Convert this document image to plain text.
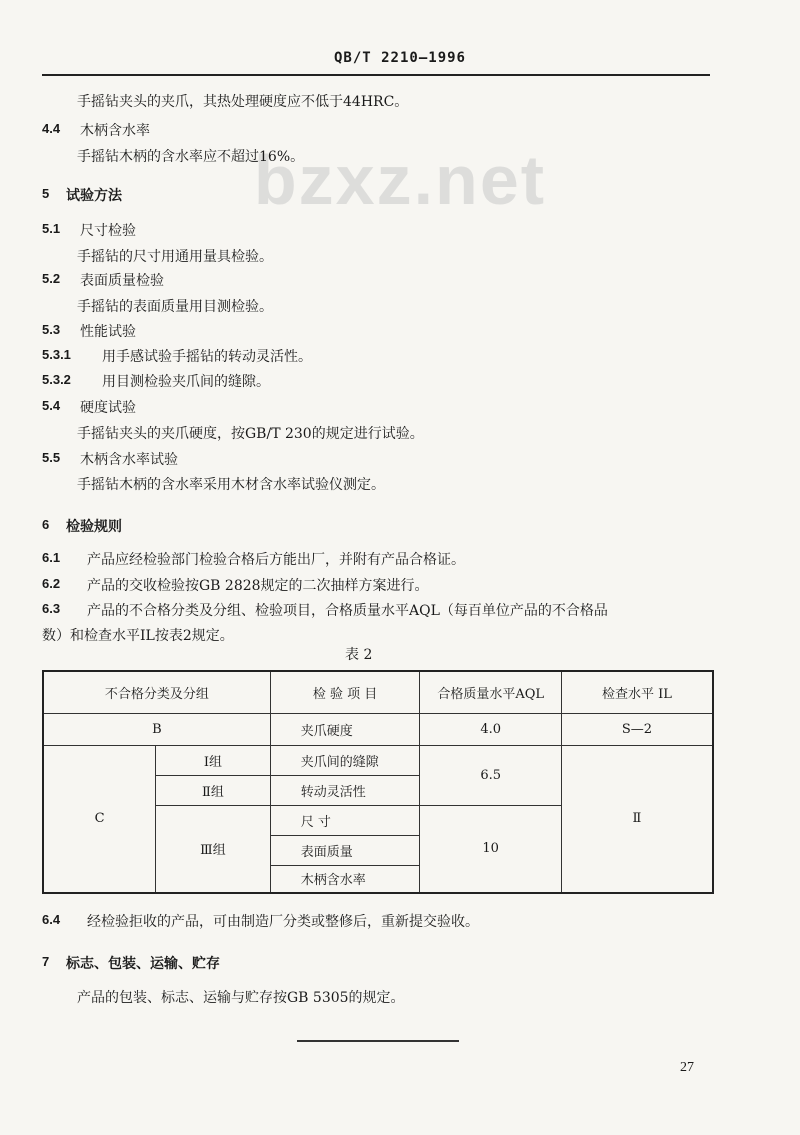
QB/T 2210—1996
bzxz.net
手摇钻夹头的夹爪，其热处理硬度应不低于44HRC。
4.4 木柄含水率
手摇钻木柄的含水率应不超过16%。
5 试验方法
5.1 尺寸检验
手摇钻的尺寸用通用量具检验。
5.2 表面质量检验
手摇钻的表面质量用目测检验。
5.3 性能试验
5.3.1 用手感试验手摇钻的转动灵活性。
5.3.2 用目测检验夹爪间的缝隙。
5.4 硬度试验
手摇钻夹头的夹爪硬度，按GB/T 230的规定进行试验。
5.5 木柄含水率试验
手摇钻木柄的含水率采用木材含水率试验仪测定。
6 检验规则
6.1 产品应经检验部门检验合格后方能出厂，并附有产品合格证。
6.2 产品的交收检验按GB 2828规定的二次抽样方案进行。
6.3 产品的不合格分类及分组、检验项目，合格质量水平AQL（每百单位产品的不合格品
数）和检查水平IL按表2规定。
表 2
不合格分类及分组		检 验 项 目	合格质量水平AQL	检查水平 IL
B		夹爪硬度	4.0	S—2
C	Ⅰ组	夹爪间的缝隙	6.5	Ⅱ
	Ⅱ组	转动灵活性		
	Ⅲ组	尺 寸	10	
		表面质量		
		木柄含水率		
6.4 经检验拒收的产品，可由制造厂分类或整修后，重新提交验收。
7 标志、包装、运输、贮存
产品的包装、标志、运输与贮存按GB 5305的规定。
27
